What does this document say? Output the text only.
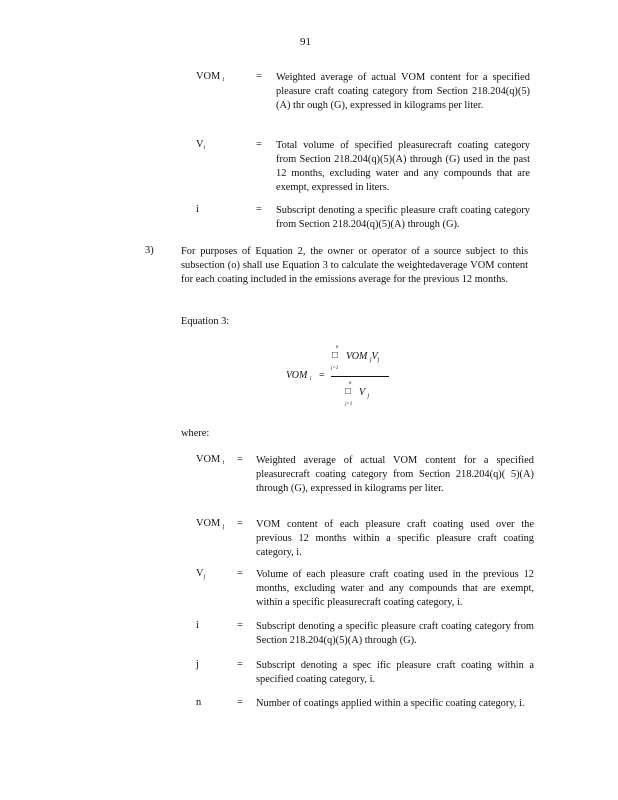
91
VOM $_i$	= Weighted average of actual VOM content for a specified pleasure craft coating category from Section 218.204(q)(5)(A) thr ough (G), expressed in kilograms per liter.
$V_i$	= Total volume of specified pleasurecraft coating category from Section 218.204(q)(5)(A) through (G) used in the past 12 months, excluding water and any compounds that are exempt, expressed in liters.
i	= Subscript denoting a specific pleasure craft coating category from Section 218.204(q)(5)(A) through (G).
3)	For purposes of Equation 2, the owner or operator of a source subject to this subsection (o) shall use Equation 3 to calculate the weightedaverage VOM content for each coating included in the emissions average for the previous 12 months.
Equation 3:
VOM $_i$ =
n
□
j=1
VOM $_jV_j$
n
□
j=1
V $_j$
where:
VOM $_i$ = Weighted average of actual VOM content for a specified pleasurecraft coating category from Section 218.204(q)( 5)(A) through (G), expressed in kilograms per liter.
VOM $_j$ = VOM content of each pleasure craft coating used over the previous 12 months within a specific pleasure craft coating category, i.
$V_j$	= Volume of each pleasure craft coating used in the previous 12 months, excluding water and any compounds that are exempt, within a specific pleasurecraft coating category, i.
i	= Subscript denoting a specific pleasure craft coating category from Section 218.204(q)(5)(A) through (G).
j	= Subscript denoting a spec ific pleasure craft coating within a specified coating category, i.
n	= Number of coatings applied within a specific coating category, i.
